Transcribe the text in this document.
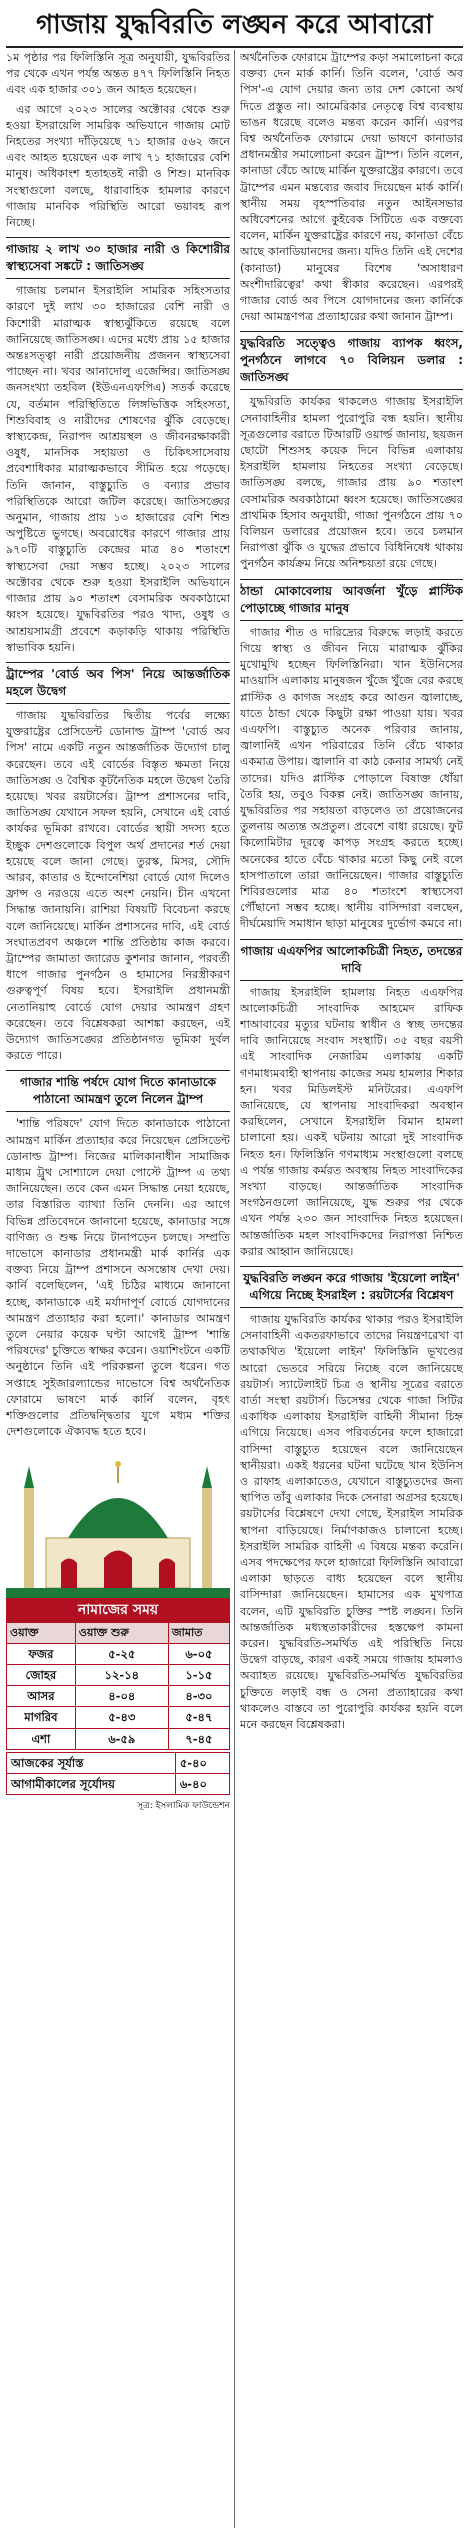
গাজায় যুদ্ধবিরতি লঙ্ঘন করে আবারো

১ম পৃষ্ঠার পর ফিলিস্তিনি সূত্র অনুযায়ী, যুদ্ধবিরতির পর থেকে এখন পর্যন্ত অন্তত ৪৭৭ ফিলিস্তিনি নিহত এবং এক হাজার ৩০১ জন আহত হয়েছেন।

এর আগে ২০২৩ সালের অক্টোবর থেকে শুরু হওয়া ইসরায়েলি সামরিক অভিযানে গাজায় মোট নিহতের সংখ্যা দাঁড়িয়েছে ৭১ হাজার ৫৬২ জনে এবং আহত হয়েছেন এক লাখ ৭১ হাজারের বেশি মানুষ। অধিকাংশ হতাহতই নারী ও শিশু। মানবিক সংস্থাগুলো বলছে, ধারাবাহিক হামলার কারণে গাজায় মানবিক পরিস্থিতি আরো ভয়াবহ রূপ নিচ্ছে।

গাজায় ২ লাখ ৩০ হাজার নারী ও কিশোরীর স্বাস্থ্যসেবা সঙ্কটে : জাতিসঙ্ঘ

গাজায় চলমান ইসরাইলি সামরিক সহিংসতার কারণে দুই লাখ ৩০ হাজারের বেশি নারী ও কিশোরী মারাত্মক স্বাস্থ্যঝুঁকিতে রয়েছে বলে জানিয়েছে জাতিসঙ্ঘ। এদের মধ্যে প্রায় ১৫ হাজার অন্তঃসত্ত্বা নারী প্রয়োজনীয় প্রজনন স্বাস্থ্যসেবা পাচ্ছেন না। খবর আনাদোলু এজেন্সির। জাতিসঙ্ঘ জনসংখ্যা তহবিল (ইউএনএফপিএ) সতর্ক করেছে যে, বর্তমান পরিস্থিতিতে লিঙ্গভিত্তিক সহিংসতা, শিশুবিবাহ ও নারীদের শোষণের ঝুঁকি বেড়েছে। স্বাস্থ্যকেন্দ্র, নিরাপদ আশ্রয়স্থল ও জীবনরক্ষাকারী ওষুধ, মানসিক সহায়তা ও চিকিৎসাসেবায় প্রবেশাধিকার মারাত্মকভাবে সীমিত হয়ে পড়েছে। তিনি জানান, বাস্তুচ্যুতি ও বন্যার প্রভাব পরিস্থিতিকে আরো জটিল করেছে। জাতিসঙ্ঘের অনুমান, গাজায় প্রায় ১৩ হাজারের বেশি শিশু অপুষ্টিতে ভুগছে। অবরোধের কারণে গাজার প্রায় ৯৭০টি বাস্তুচ্যুতি কেন্দ্রের মাত্র ৪০ শতাংশে স্বাস্থ্যসেবা দেয়া সম্ভব হচ্ছে। ২০২৩ সালের অক্টোবর থেকে শুরু হওয়া ইসরাইলি অভিযানে গাজার প্রায় ৯০ শতাংশ বেসামরিক অবকাঠামো ধ্বংস হয়েছে। যুদ্ধবিরতির পরও খাদ্য, ওষুধ ও আশ্রয়সামগ্রী প্রবেশে কড়াকড়ি থাকায় পরিস্থিতি স্বাভাবিক হয়নি।

ট্রাম্পের 'বোর্ড অব পিস' নিয়ে আন্তর্জাতিক মহলে উদ্বেগ

গাজায় যুদ্ধবিরতির দ্বিতীয় পর্বের লক্ষ্যে যুক্তরাষ্ট্রের প্রেসিডেন্ট ডোনাল্ড ট্রাম্প 'বোর্ড অব পিস' নামে একটি নতুন আন্তর্জাতিক উদ্যোগ চালু করেছেন। তবে এই বোর্ডের বিস্তৃত ক্ষমতা নিয়ে জাতিসঙ্ঘ ও বৈশ্বিক কূটনৈতিক মহলে উদ্বেগ তৈরি হয়েছে। খবর রয়টার্সের। ট্রাম্প প্রশাসনের দাবি, জাতিসঙ্ঘ যেখানে সফল হয়নি, সেখানে এই বোর্ড কার্যকর ভূমিকা রাখবে। বোর্ডের স্থায়ী সদস্য হতে ইচ্ছুক দেশগুলোকে বিপুল অর্থ প্রদানের শর্ত দেয়া হয়েছে বলে জানা গেছে। তুরস্ক, মিসর, সৌদি আরব, কাতার ও ইন্দোনেশিয়া বোর্ডে যোগ দিলেও ফ্রান্স ও নরওয়ে এতে অংশ নেয়নি। চীন এখনো সিদ্ধান্ত জানায়নি। রাশিয়া বিষয়টি বিবেচনা করছে বলে জানিয়েছে। মার্কিন প্রশাসনের দাবি, এই বোর্ড সংঘাতপ্রবণ অঞ্চলে শান্তি প্রতিষ্ঠায় কাজ করবে। ট্রাম্পের জামাতা জ্যারেড কুশনার জানান, পরবর্তী ধাপে গাজার পুনর্গঠন ও হামাসের নিরস্ত্রীকরণ গুরুত্বপূর্ণ বিষয় হবে। ইসরাইলি প্রধানমন্ত্রী নেতানিয়াহু বোর্ডে যোগ দেয়ার আমন্ত্রণ গ্রহণ করেছেন। তবে বিশ্লেষকরা আশঙ্কা করছেন, এই উদ্যোগ জাতিসঙ্ঘের প্রতিষ্ঠানগত ভূমিকা দুর্বল করতে পারে।

গাজার শান্তি পর্ষদে যোগ দিতে কানাডাকে পাঠানো আমন্ত্রণ তুলে নিলেন ট্রাম্প

'শান্তি পরিষদে' যোগ দিতে কানাডাকে পাঠানো আমন্ত্রণ মার্কিন প্রত্যাহার করে নিয়েছেন প্রেসিডেন্ট ডোনাল্ড ট্রাম্প। নিজের মালিকানাধীন সামাজিক মাধ্যম ট্রুথ সোশ্যালে দেয়া পোস্টে ট্রাম্প এ তথ্য জানিয়েছেন। তবে কেন এমন সিদ্ধান্ত নেয়া হয়েছে, তার বিস্তারিত ব্যাখ্যা তিনি দেননি। এর আগে বিভিন্ন প্রতিবেদনে জানানো হয়েছে, কানাডার সঙ্গে বাণিজ্য ও শুল্ক নিয়ে টানাপড়েন চলছে। সম্প্রতি দাভোসে কানাডার প্রধানমন্ত্রী মার্ক কার্নির এক বক্তব্য নিয়ে ট্রাম্প প্রশাসনে অসন্তোষ দেখা দেয়। কার্নি বলেছিলেন, 'এই চিঠির মাধ্যমে জানানো হচ্ছে, কানাডাকে এই মর্যাদাপূর্ণ বোর্ডে যোগদানের আমন্ত্রণ প্রত্যাহার করা হলো।' কানাডার আমন্ত্রণ তুলে নেয়ার কয়েক ঘণ্টা আগেই ট্রাম্প 'শান্তি পরিষদের' চুক্তিতে স্বাক্ষর করেন। ওয়াশিংটনে একটি অনুষ্ঠানে তিনি এই পরিকল্পনা তুলে ধরেন। গত সপ্তাহে সুইজারল্যান্ডের দাভোসে বিশ্ব অর্থনৈতিক ফোরামে ভাষণে মার্ক কার্নি বলেন, বৃহৎ শক্তিগুলোর প্রতিদ্বন্দ্বিতার যুগে মধ্যম শক্তির দেশগুলোকে ঐক্যবদ্ধ হতে হবে।

নামাজের সময়		
ওয়াক্ত	ওয়াক্ত শুরু	জামাত
ফজর	৫-২৫	৬-০৫
জোহর	১২-১৪	১-১৫
আসর	৪-০৪	৪-৩০
মাগরিব	৫-৪৩	৫-৪৭
এশা	৬-৫৯	৭-৪৫
আজকের সূর্যাস্ত	৫-৪০
আগামীকালের সূর্যোদয়	৬-৪০
সূত্র: ইসলামিক ফাউন্ডেশন

অর্থনৈতিক ফোরামে ট্রাম্পের কড়া সমালোচনা করে বক্তব্য দেন মার্ক কার্নি। তিনি বলেন, 'বোর্ড অব পিস'-এ যোগ দেয়ার জন্য তার দেশ কোনো অর্থ দিতে প্রস্তুত না। আমেরিকার নেতৃত্বে বিশ্ব ব্যবস্থায় ভাঙন ধরেছে বলেও মন্তব্য করেন কার্নি। এরপর বিশ্ব অর্থনৈতিক ফোরামে দেয়া ভাষণে কানাডার প্রধানমন্ত্রীর সমালোচনা করেন ট্রাম্প। তিনি বলেন, কানাডা বেঁচে আছে মার্কিন যুক্তরাষ্ট্রের কারণে। তবে ট্রাম্পের এমন মন্তব্যের জবাব দিয়েছেন মার্ক কার্নি। স্থানীয় সময় বৃহস্পতিবার নতুন আইনসভার অধিবেশনের আগে কুইবেক সিটিতে এক বক্তব্যে বলেন, মার্কিন যুক্তরাষ্ট্রের কারণে নয়, কানাডা বেঁচে আছে কানাডিয়ানদের জন্য। যদিও তিনি এই দেশের (কানাডা) মানুষের বিশেষ 'অসাধারণ অংশীদারিত্বের' কথা স্বীকার করেছেন। এরপরই গাজার বোর্ড অব পিসে যোগদানের জন্য কার্নিকে দেয়া আমন্ত্রণপত্র প্রত্যাহারের কথা জানান ট্রাম্প।

যুদ্ধবিরতি সত্ত্বেও গাজায় ব্যাপক ধ্বংস, পুনর্গঠনে লাগবে ৭০ বিলিয়ন ডলার : জাতিসঙ্ঘ

যুদ্ধবিরতি কার্যকর থাকলেও গাজায় ইসরাইলি সেনাবাহিনীর হামলা পুরোপুরি বন্ধ হয়নি। স্থানীয় সূত্রগুলোর বরাতে টিআরটি ওয়ার্ল্ড জানায়, ছয়জন ছোটো শিশুসহ কয়েক দিনে বিভিন্ন এলাকায় ইসরাইলি হামলায় নিহতের সংখ্যা বেড়েছে। জাতিসঙ্ঘ বলছে, গাজার প্রায় ৯০ শতাংশ বেসামরিক অবকাঠামো ধ্বংস হয়েছে। জাতিসঙ্ঘের প্রাথমিক হিসাব অনুযায়ী, গাজা পুনর্গঠনে প্রায় ৭০ বিলিয়ন ডলারের প্রয়োজন হবে। তবে চলমান নিরাপত্তা ঝুঁকি ও যুদ্ধের প্রভাবে বিধিনিষেধ থাকায় পুনর্গঠন কার্যক্রম নিয়ে অনিশ্চয়তা রয়ে গেছে।

ঠান্ডা মোকাবেলায় আবর্জনা খুঁড়ে প্লাস্টিক পোড়াচ্ছে গাজার মানুষ

গাজার শীত ও দারিদ্র্যের বিরুদ্ধে লড়াই করতে গিয়ে স্বাস্থ্য ও জীবন নিয়ে মারাত্মক ঝুঁকির মুখোমুখি হচ্ছেন ফিলিস্তিনিরা। খান ইউনিসের মাওয়াসি এলাকায় মানুষজন খুঁজে খুঁজে বের করছে প্লাস্টিক ও কাগজ সংগ্রহ করে আগুন জ্বালাচ্ছে, যাতে ঠান্ডা থেকে কিছুটা রক্ষা পাওয়া যায়। খবর এএফপি। বাস্তুচ্যুত অনেক পরিবার জানায়, জ্বালানিই এখন পরিবারের তিনি বেঁচে থাকার একমাত্র উপায়। জ্বালানি বা কাঠ কেনার সামর্থ্য নেই তাদের। যদিও প্লাস্টিক পোড়ালে বিষাক্ত ধোঁয়া তৈরি হয়, তবুও বিকল্প নেই। জাতিসঙ্ঘ জানায়, যুদ্ধবিরতির পর সহায়তা বাড়লেও তা প্রয়োজনের তুলনায় অত্যন্ত অপ্রতুল। প্রবেশে বাধা রয়েছে। ফুট কিলোমিটার দূরত্বে কাপড় সংগ্রহ করতে হচ্ছে। অনেকের হাতে বেঁচে থাকার মতো কিছু নেই বলে হাসপাতালে তারা জানিয়েছেন। গাজার বাস্তুচ্যুতি শিবিরগুলোর মাত্র ৪০ শতাংশে স্বাস্থ্যসেবা পৌঁছানো সম্ভব হচ্ছে। স্থানীয় বাসিন্দারা বলছেন, দীর্ঘমেয়াদি সমাধান ছাড়া মানুষের দুর্ভোগ কমবে না।

গাজায় এএফপির আলোকচিত্রী নিহত, তদন্তের দাবি

গাজায় ইসরাইলি হামলায় নিহত এএফপির আলোকচিত্রী সাংবাদিক আহমেদ রাফিক শাআবাবের মৃত্যুর ঘটনায় স্বাধীন ও স্বচ্ছ তদন্তের দাবি জানিয়েছে সংবাদ সংস্থাটি। ৩৫ বছর বয়সী এই সাংবাদিক নেজারিম এলাকায় একটি গণমাধ্যমবাহী স্থাপনায় কাজের সময় হামলার শিকার হন। খবর মিডিলইস্ট মনিটরের। এএফপি জানিয়েছে, যে স্থাপনায় সাংবাদিকরা অবস্থান করছিলেন, সেখানে ইসরাইলি বিমান হামলা চালানো হয়। একই ঘটনায় আরো দুই সাংবাদিক নিহত হন। ফিলিস্তিনি গণমাধ্যম সংস্থাগুলো বলছে এ পর্যন্ত গাজায় কর্মরত অবস্থায় নিহত সাংবাদিকের সংখ্যা বাড়ছে। আন্তর্জাতিক সাংবাদিক সংগঠনগুলো জানিয়েছে, যুদ্ধ শুরুর পর থেকে এখন পর্যন্ত ২৩০ জন সাংবাদিক নিহত হয়েছেন। আন্তর্জাতিক মহল সাংবাদিকদের নিরাপত্তা নিশ্চিত করার আহ্বান জানিয়েছে।

যুদ্ধবিরতি লঙ্ঘন করে গাজায় 'ইয়েলো লাইন' এগিয়ে নিচ্ছে ইসরাইল : রয়টার্সের বিশ্লেষণ

গাজায় যুদ্ধবিরতি কার্যকর থাকার পরও ইসরাইলি সেনাবাহিনী একতরফাভাবে তাদের নিয়ন্ত্রণরেখা বা তথাকথিত 'ইয়েলো লাইন' ফিলিস্তিনি ভূখণ্ডের আরো ভেতরে সরিয়ে নিচ্ছে বলে জানিয়েছে রয়টার্স। স্যাটেলাইট চিত্র ও স্থানীয় সূত্রের বরাতে বার্তা সংস্থা রয়টার্স। ডিসেম্বর থেকে গাজা সিটির একাধিক এলাকায় ইসরাইলি বাহিনী সীমানা চিহ্ন এগিয়ে নিয়েছে। এসব পরিবর্তনের ফলে হাজারো বাসিন্দা বাস্তুচ্যুত হয়েছেন বলে জানিয়েছেন স্থানীয়রা। একই ধরনের ঘটনা ঘটেছে খান ইউনিস ও রাফাহ এলাকাতেও, যেখানে বাস্তুচ্যুতদের জন্য স্থাপিত তাঁবু এলাকার দিকে সেনারা অগ্রসর হয়েছে। রয়টার্সের বিশ্লেষণে দেখা গেছে, ইসরাইল সামরিক স্থাপনা বাড়িয়েছে। নির্মাণকাজও চালানো হচ্ছে। ইসরাইলি সামরিক বাহিনী এ বিষয়ে মন্তব্য করেনি। এসব পদক্ষেপের ফলে হাজারো ফিলিস্তিনি আবারো এলাকা ছাড়তে বাধ্য হয়েছেন বলে স্থানীয় বাসিন্দারা জানিয়েছেন। হামাসের এক মুখপাত্র বলেন, এটি যুদ্ধবিরতি চুক্তির স্পষ্ট লঙ্ঘন। তিনি আন্তর্জাতিক মধ্যস্থতাকারীদের হস্তক্ষেপ কামনা করেন। যুদ্ধবিরতি-সমর্থিত এই পরিস্থিতি নিয়ে উদ্বেগ বাড়ছে, কারণ একই সময়ে গাজায় হামলাও অব্যাহত রয়েছে। যুদ্ধবিরতি-সমর্থিত যুদ্ধবিরতির চুক্তিতে লড়াই বন্ধ ও সেনা প্রত্যাহারের কথা থাকলেও বাস্তবে তা পুরোপুরি কার্যকর হয়নি বলে মনে করছেন বিশ্লেষকরা।
